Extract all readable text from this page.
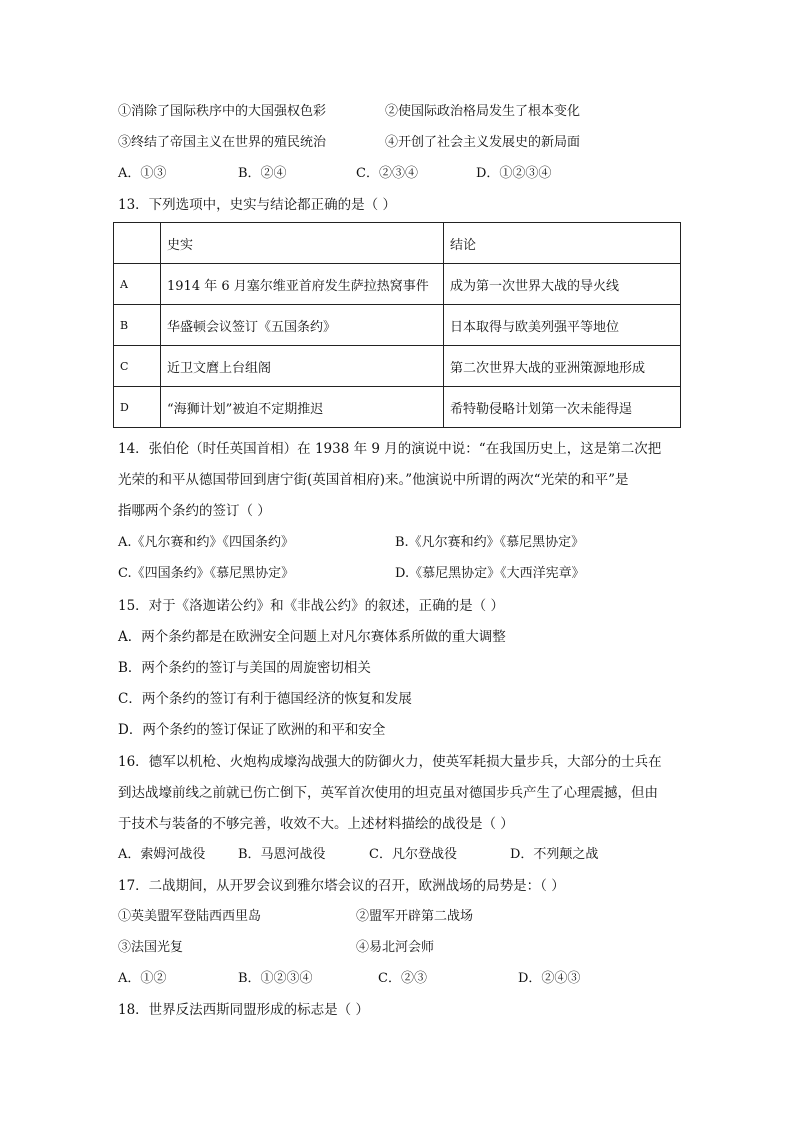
①消除了国际秩序中的大国强权色彩	②使国际政治格局发生了根本变化
③终结了帝国主义在世界的殖民统治	④开创了社会主义发展史的新局面
A．①③	B．②④	C．②③④	D．①②③④
13．下列选项中，史实与结论都正确的是（ ）
	史实	结论
A	1914 年 6 月塞尔维亚首府发生萨拉热窝事件	成为第一次世界大战的导火线
B	华盛顿会议签订《五国条约》	日本取得与欧美列强平等地位
C	近卫文麿上台组阁	第二次世界大战的亚洲策源地形成
D	“海狮计划”被迫不定期推迟	希特勒侵略计划第一次未能得逞
14．张伯伦（时任英国首相）在 1938 年 9 月的演说中说：“在我国历史上，这是第二次把
光荣的和平从德国带回到唐宁街(英国首相府)来。”他演说中所谓的两次“光荣的和平”是
指哪两个条约的签订（ ）
A.《凡尔赛和约》《四国条约》	B.《凡尔赛和约》《慕尼黑协定》
C.《四国条约》《慕尼黑协定》	D.《慕尼黑协定》《大西洋宪章》
15．对于《洛迦诺公约》和《非战公约》的叙述，正确的是（ ）
A．两个条约都是在欧洲安全问题上对凡尔赛体系所做的重大调整
B．两个条约的签订与美国的周旋密切相关
C．两个条约的签订有利于德国经济的恢复和发展
D．两个条约的签订保证了欧洲的和平和安全
16．德军以机枪、火炮构成壕沟战强大的防御火力，使英军耗损大量步兵，大部分的士兵在
到达战壕前线之前就已伤亡倒下，英军首次使用的坦克虽对德国步兵产生了心理震撼，但由
于技术与装备的不够完善，收效不大。上述材料描绘的战役是（ ）
A．索姆河战役	B．马恩河战役	C．凡尔登战役	D．不列颠之战
17．二战期间，从开罗会议到雅尔塔会议的召开，欧洲战场的局势是：（ ）
①英美盟军登陆西西里岛	②盟军开辟第二战场
③法国光复	④易北河会师
A．①②	B．①②③④	C．②③	D．②④③
18．世界反法西斯同盟形成的标志是（ ）
